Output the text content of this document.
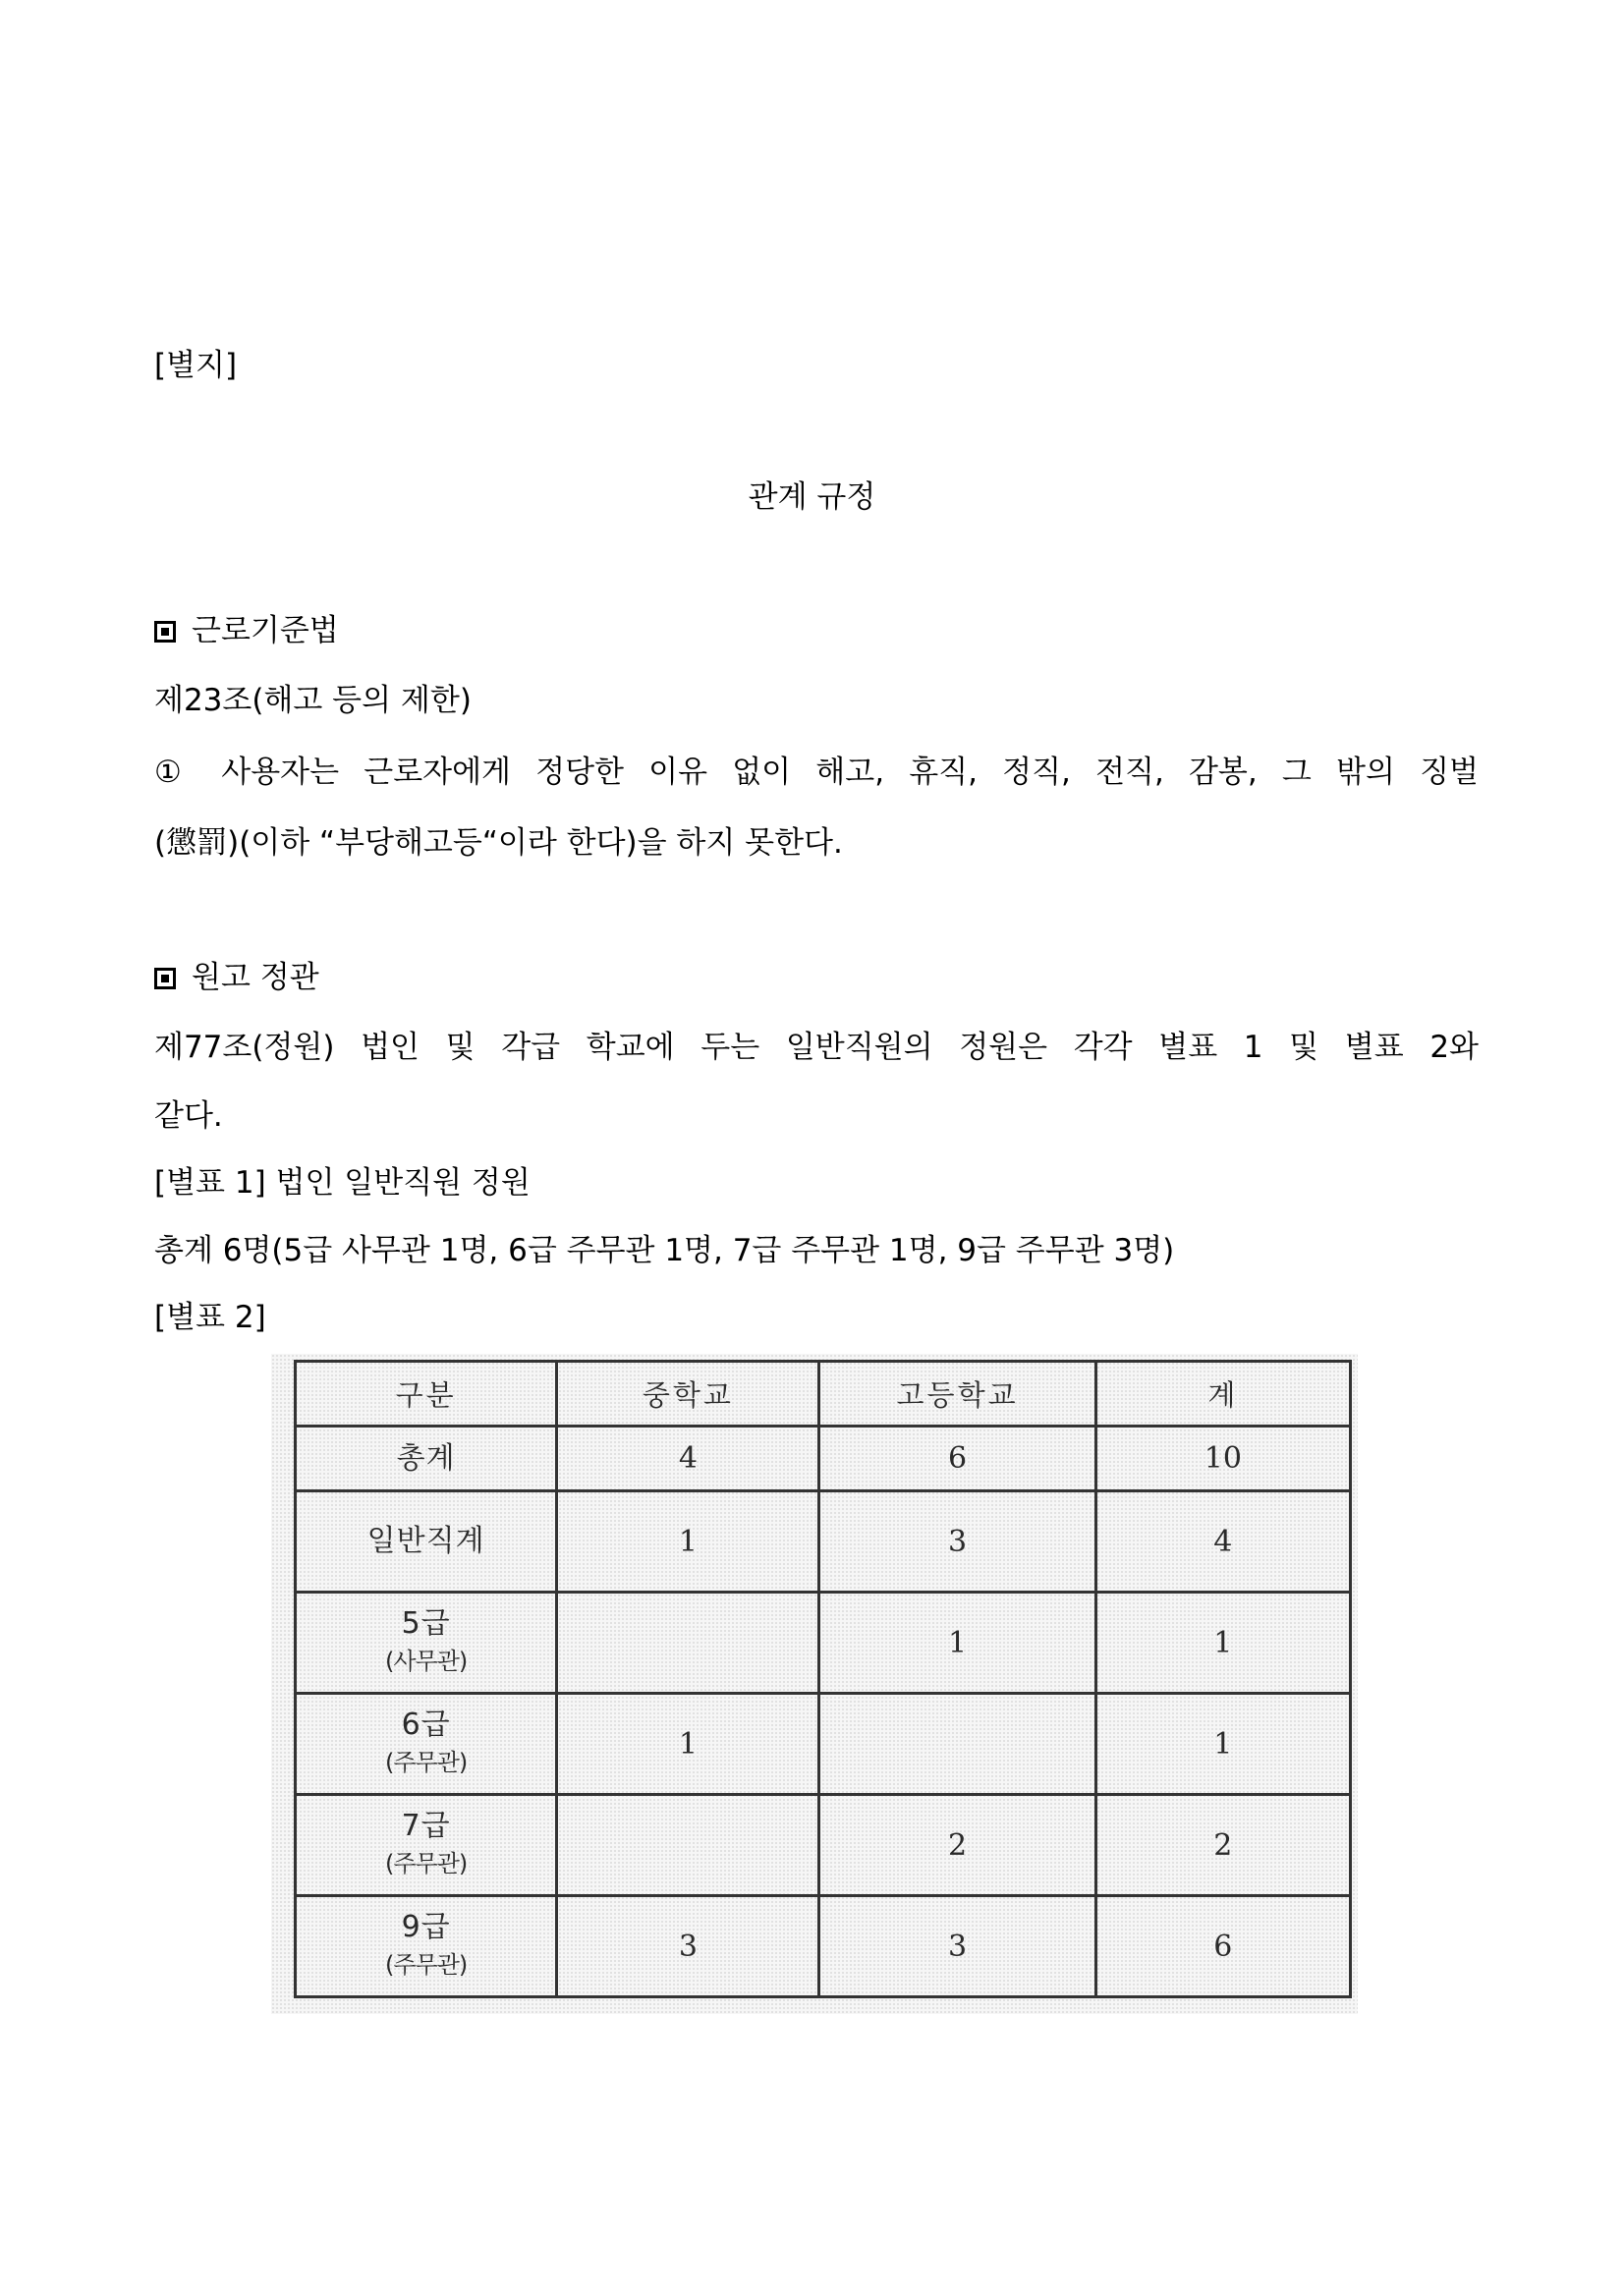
[별지]
관계 규정
근로기준법
제23조(해고 등의 제한)
① 사용자는 근로자에게 정당한 이유 없이 해고, 휴직, 정직, 전직, 감봉, 그 밖의 징벌
(懲罰)(이하 “부당해고등“이라 한다)을 하지 못한다.
원고 정관
제77조(정원) 법인 및 각급 학교에 두는 일반직원의 정원은 각각 별표 1 및 별표 2와
같다.
[별표 1] 법인 일반직원 정원
총계 6명(5급 사무관 1명, 6급 주무관 1명, 7급 주무관 1명, 9급 주무관 3명)
[별표 2]
구분	중학교	고등학교	계
총계	4	6	10
일반직계	1	3	4
5급
(사무관)		1	1
6급
(주무관)	1		1
7급
(주무관)		2	2
9급
(주무관)	3	3	6
